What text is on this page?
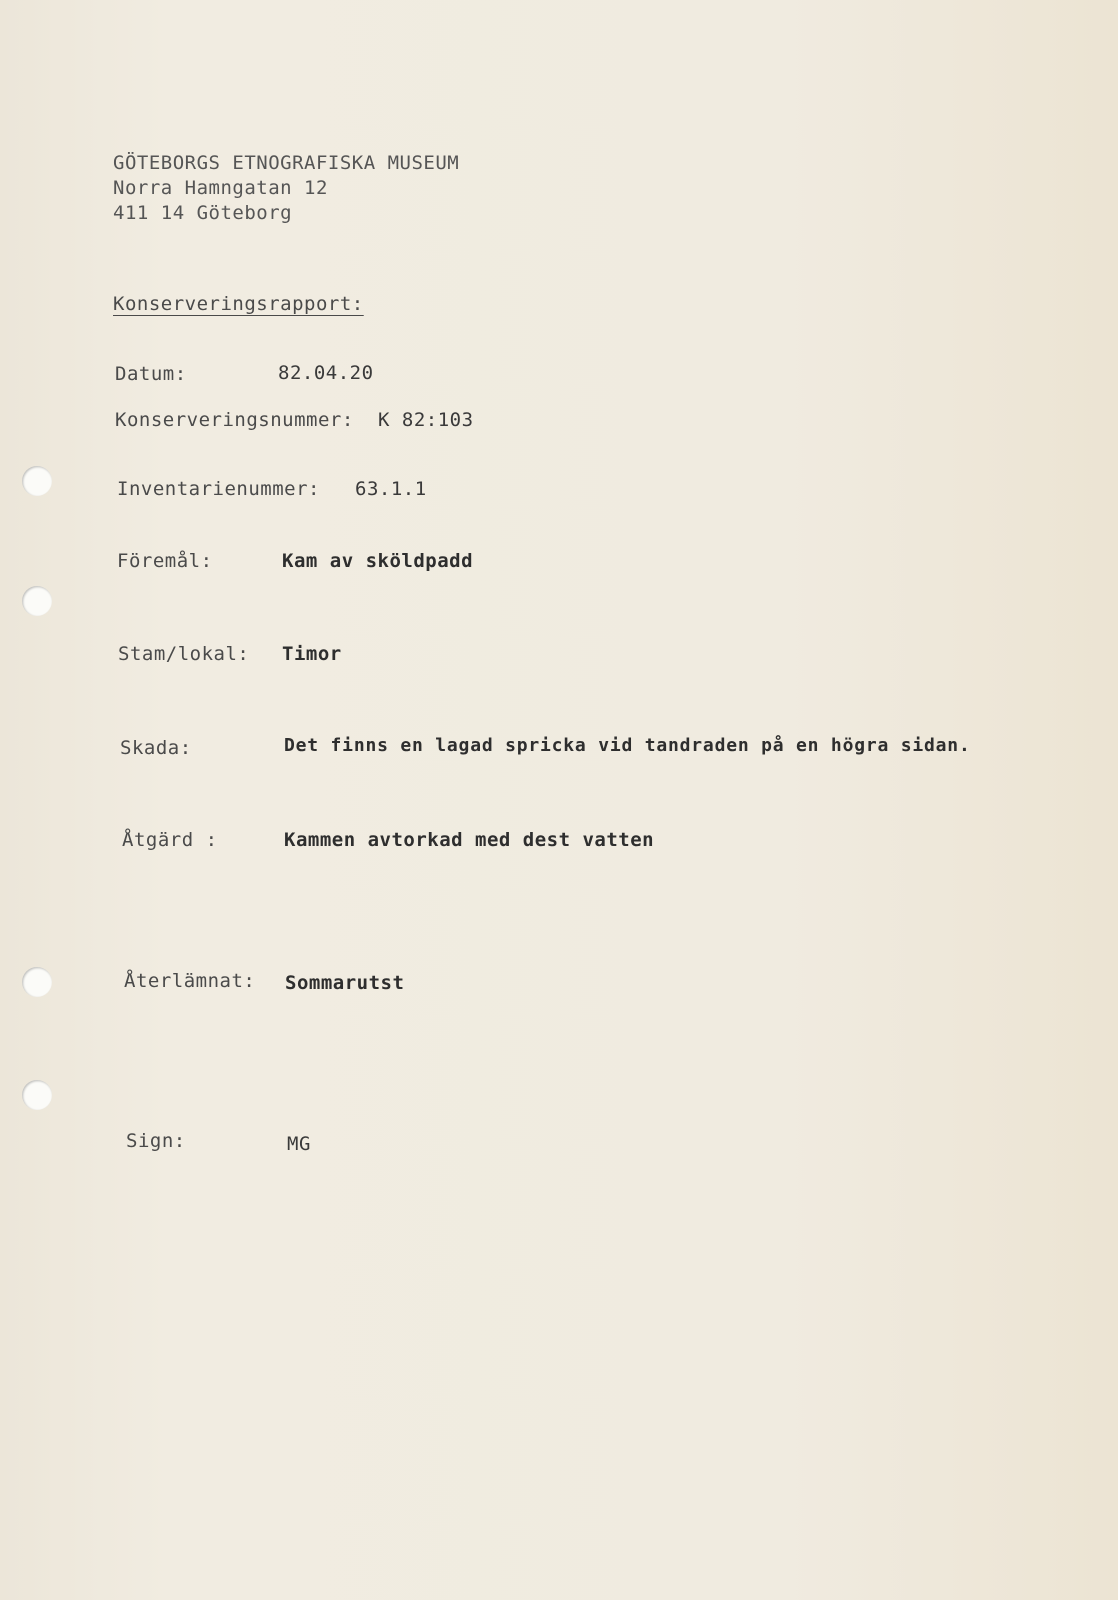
GÖTEBORGS ETNOGRAFISKA MUSEUM
Norra Hamngatan 12
411 14 Göteborg
Konserveringsrapport:
Datum:	82.04.20
Konserveringsnummer: K 82:103
Inventarienummer: 63.1.1
Föremål:	Kam av sköldpadd
Stam/lokal: Timor
Skada:	Det finns en lagad spricka vid tandraden på en högra sidan.
Åtgärd :	Kammen avtorkad med dest vatten
Återlämnat: Sommarutst
Sign:	MG
